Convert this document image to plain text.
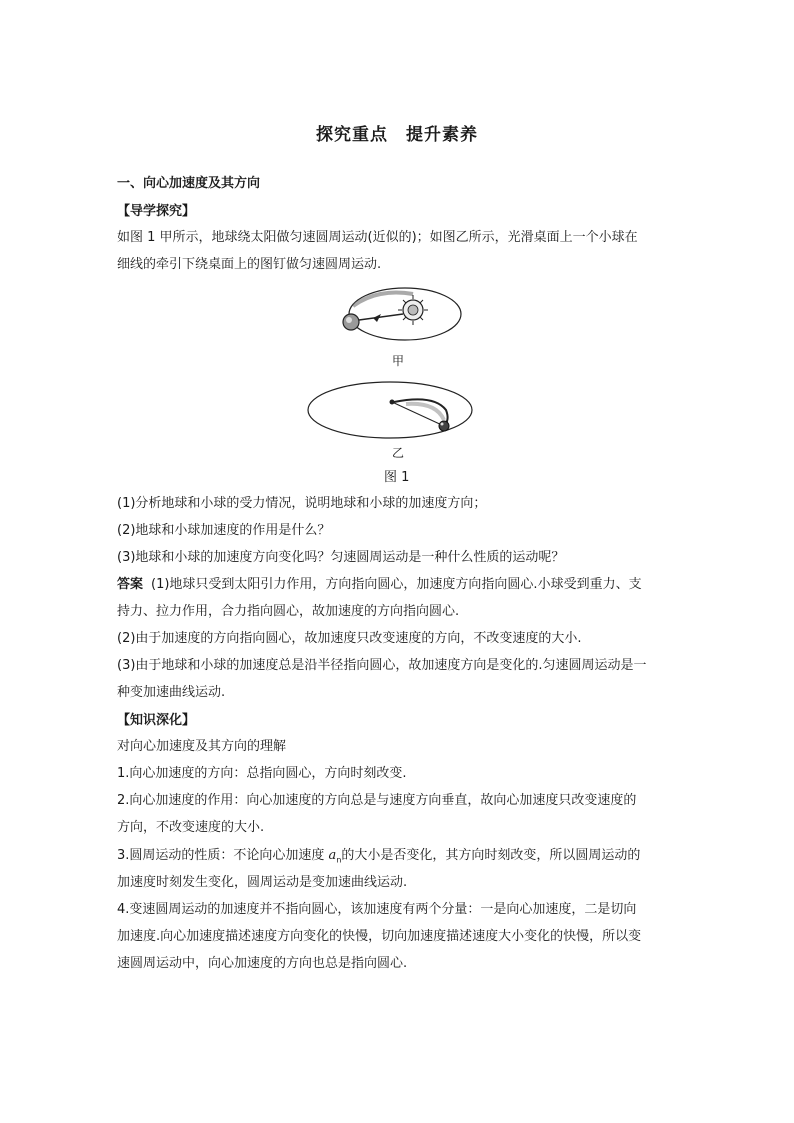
探究重点　提升素养
一、向心加速度及其方向
【导学探究】
如图 1 甲所示，地球绕太阳做匀速圆周运动(近似的)；如图乙所示，光滑桌面上一个小球在
细线的牵引下绕桌面上的图钉做匀速圆周运动.
甲
乙
图 1
(1)分析地球和小球的受力情况，说明地球和小球的加速度方向；
(2)地球和小球加速度的作用是什么？
(3)地球和小球的加速度方向变化吗？匀速圆周运动是一种什么性质的运动呢？
答案 (1)地球只受到太阳引力作用，方向指向圆心，加速度方向指向圆心.小球受到重力、支
持力、拉力作用，合力指向圆心，故加速度的方向指向圆心.
(2)由于加速度的方向指向圆心，故加速度只改变速度的方向，不改变速度的大小.
(3)由于地球和小球的加速度总是沿半径指向圆心，故加速度方向是变化的.匀速圆周运动是一
种变加速曲线运动.
【知识深化】
对向心加速度及其方向的理解
1.向心加速度的方向：总指向圆心，方向时刻改变.
2.向心加速度的作用：向心加速度的方向总是与速度方向垂直，故向心加速度只改变速度的
方向，不改变速度的大小.
3.圆周运动的性质：不论向心加速度 $a_n$的大小是否变化，其方向时刻改变，所以圆周运动的
加速度时刻发生变化，圆周运动是变加速曲线运动.
4.变速圆周运动的加速度并不指向圆心，该加速度有两个分量：一是向心加速度，二是切向
加速度.向心加速度描述速度方向变化的快慢，切向加速度描述速度大小变化的快慢，所以变
速圆周运动中，向心加速度的方向也总是指向圆心.
